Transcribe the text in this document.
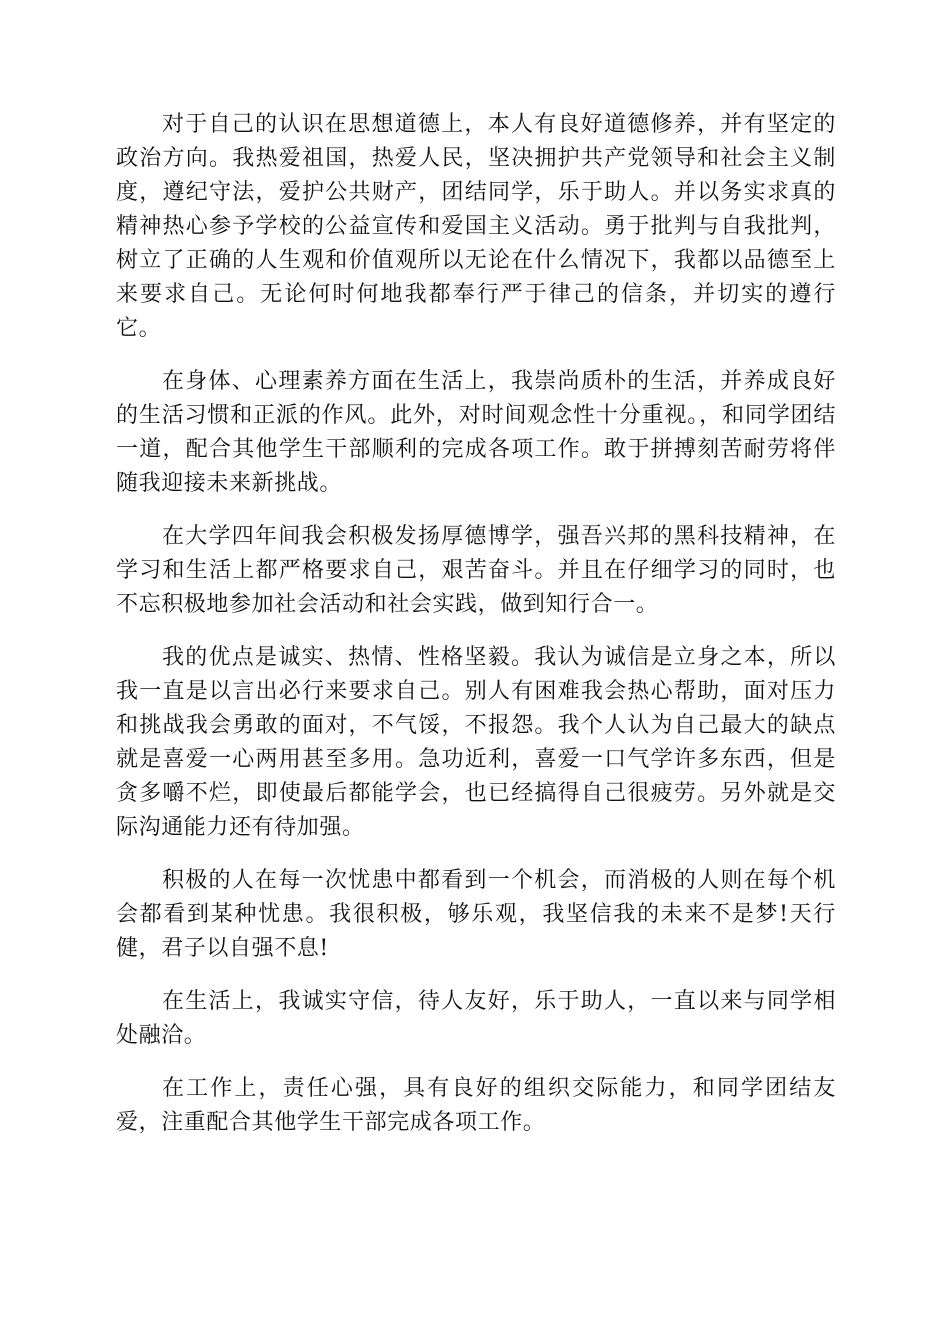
对于自己的认识在思想道德上，本人有良好道德修养，并有坚定的政治方向。我热爱祖国，热爱人民，坚决拥护共产党领导和社会主义制度，遵纪守法，爱护公共财产，团结同学，乐于助人。并以务实求真的精神热心参予学校的公益宣传和爱国主义活动。勇于批判与自我批判，树立了正确的人生观和价值观所以无论在什么情况下，我都以品德至上来要求自己。无论何时何地我都奉行严于律己的信条，并切实的遵行它。

在身体、心理素养方面在生活上，我崇尚质朴的生活，并养成良好的生活习惯和正派的作风。此外，对时间观念性十分重视。，和同学团结一道，配合其他学生干部顺利的完成各项工作。敢于拼搏刻苦耐劳将伴随我迎接未来新挑战。

在大学四年间我会积极发扬厚德博学，强吾兴邦的黑科技精神，在学习和生活上都严格要求自己，艰苦奋斗。并且在仔细学习的同时，也不忘积极地参加社会活动和社会实践，做到知行合一。

我的优点是诚实、热情、性格坚毅。我认为诚信是立身之本，所以我一直是以言出必行来要求自己。别人有困难我会热心帮助，面对压力和挑战我会勇敢的面对，不气馁，不报怨。我个人认为自己最大的缺点就是喜爱一心两用甚至多用。急功近利，喜爱一口气学许多东西，但是贪多嚼不烂，即使最后都能学会，也已经搞得自己很疲劳。另外就是交际沟通能力还有待加强。

积极的人在每一次忧患中都看到一个机会，而消极的人则在每个机会都看到某种忧患。我很积极，够乐观，我坚信我的未来不是梦!天行健，君子以自强不息!

在生活上，我诚实守信，待人友好，乐于助人，一直以来与同学相处融洽。

在工作上，责任心强，具有良好的组织交际能力，和同学团结友爱，注重配合其他学生干部完成各项工作。
